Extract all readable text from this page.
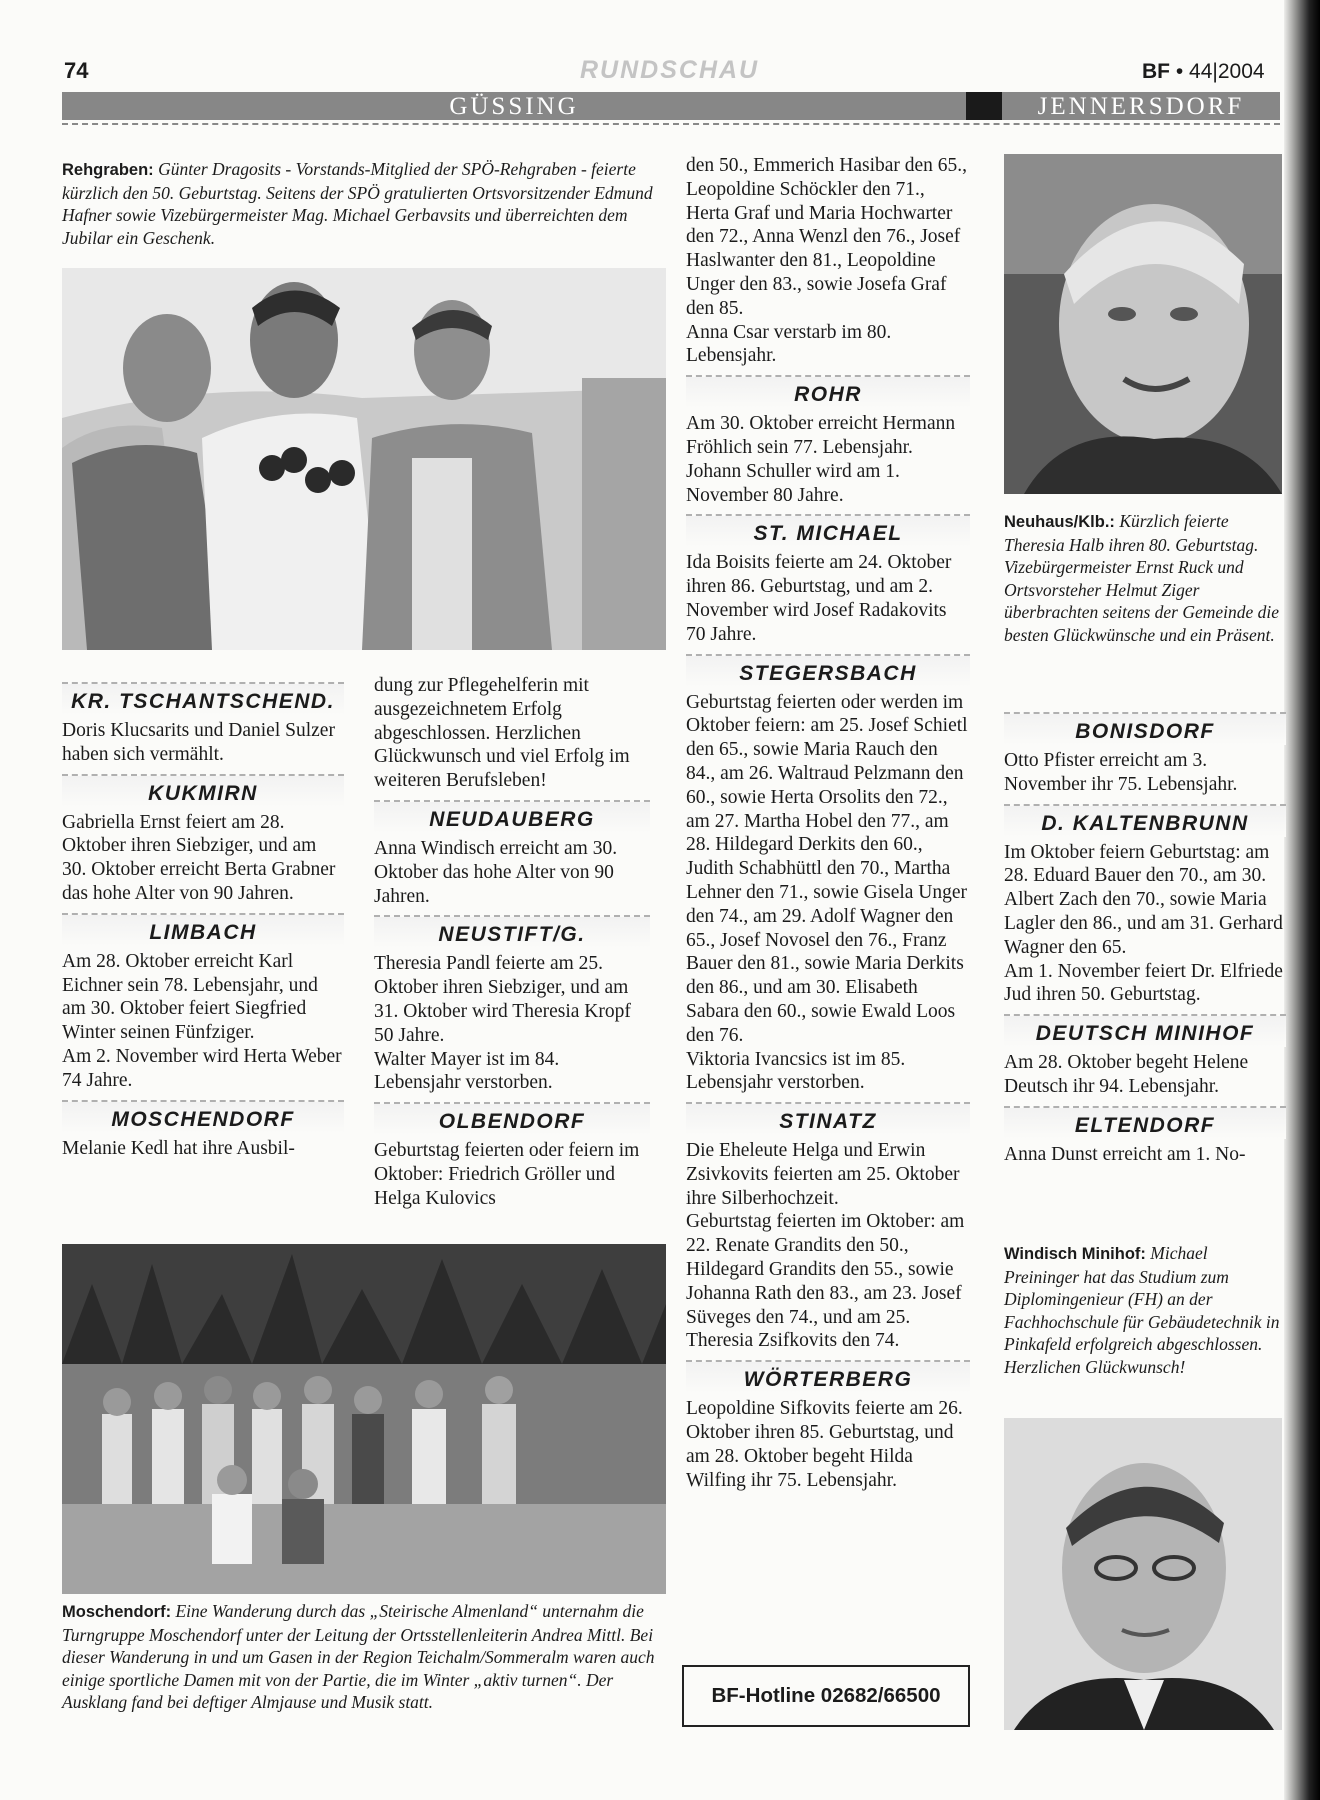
74	RUNDSCHAU	BF • 44|2004
GÜSSING	JENNERSDORF

Rehgraben: Günter Dragosits - Vorstands-Mitglied der SPÖ-Rehgraben - feierte kürzlich den 50. Geburtstag. Seitens der SPÖ gratulierten Ortsvorsitzender Edmund Hafner sowie Vizebürgermeister Mag. Michael Gerbavsits und überreichten dem Jubilar ein Geschenk.

Moschendorf: Eine Wanderung durch das „Steirische Almenland“ unternahm die Turngruppe Moschendorf unter der Leitung der Ortsstellenleiterin Andrea Mittl. Bei dieser Wanderung in und um Gasen in der Region Teichalm/Sommeralm waren auch einige sportliche Damen mit von der Partie, die im Winter „aktiv turnen“. Der Ausklang fand bei deftiger Almjause und Musik statt.

KR. TSCHANTSCHEND.

Doris Klucsarits und Daniel Sulzer haben sich vermählt.

KUKMIRN

Gabriella Ernst feiert am 28. Oktober ihren Siebziger, und am 30. Oktober erreicht Berta Grabner das hohe Alter von 90 Jahren.

LIMBACH

Am 28. Oktober erreicht Karl Eichner sein 78. Lebensjahr, und am 30. Oktober feiert Siegfried Winter seinen Fünfziger.

Am 2. November wird Herta Weber 74 Jahre.

MOSCHENDORF

Melanie Kedl hat ihre Ausbil-

dung zur Pflegehelferin mit ausgezeichnetem Erfolg abgeschlossen. Herzlichen Glückwunsch und viel Erfolg im weiteren Berufsleben!

NEUDAUBERG

Anna Windisch erreicht am 30. Oktober das hohe Alter von 90 Jahren.

NEUSTIFT/G.

Theresia Pandl feierte am 25. Oktober ihren Siebziger, und am 31. Oktober wird Theresia Kropf 50 Jahre.

Walter Mayer ist im 84. Lebensjahr verstorben.

OLBENDORF

Geburtstag feierten oder feiern im Oktober: Friedrich Gröller und Helga Kulovics

den 50., Emmerich Hasibar den 65., Leopoldine Schöckler den 71., Herta Graf und Maria Hochwarter den 72., Anna Wenzl den 76., Josef Haslwanter den 81., Leopoldine Unger den 83., sowie Josefa Graf den 85.

Anna Csar verstarb im 80. Lebensjahr.

ROHR

Am 30. Oktober erreicht Hermann Fröhlich sein 77. Lebensjahr.

Johann Schuller wird am 1. November 80 Jahre.

ST. MICHAEL

Ida Boisits feierte am 24. Oktober ihren 86. Geburtstag, und am 2. November wird Josef Radakovits 70 Jahre.

STEGERSBACH

Geburtstag feierten oder werden im Oktober feiern: am 25. Josef Schietl den 65., sowie Maria Rauch den 84., am 26. Waltraud Pelzmann den 60., sowie Herta Orsolits den 72., am 27. Martha Hobel den 77., am 28. Hildegard Derkits den 60., Judith Schabhüttl den 70., Martha Lehner den 71., sowie Gisela Unger den 74., am 29. Adolf Wagner den 65., Josef Novosel den 76., Franz Bauer den 81., sowie Maria Derkits den 86., und am 30. Elisabeth Sabara den 60., sowie Ewald Loos den 76.

Viktoria Ivancsics ist im 85. Lebensjahr verstorben.

STINATZ

Die Eheleute Helga und Erwin Zsivkovits feierten am 25. Oktober ihre Silberhochzeit.

Geburtstag feierten im Oktober: am 22. Renate Grandits den 50., Hildegard Grandits den 55., sowie Johanna Rath den 83., am 23. Josef Süveges den 74., und am 25. Theresia Zsifkovits den 74.

WÖRTERBERG

Leopoldine Sifkovits feierte am 26. Oktober ihren 85. Geburtstag, und am 28. Oktober begeht Hilda Wilfing ihr 75. Lebensjahr.

BF-Hotline 02682/66500

Neuhaus/Klb.: Kürzlich feierte Theresia Halb ihren 80. Geburtstag. Vizebürgermeister Ernst Ruck und Ortsvorsteher Helmut Ziger überbrachten seitens der Gemeinde die besten Glückwünsche und ein Präsent.

BONISDORF

Otto Pfister erreicht am 3. November ihr 75. Lebensjahr.

D. KALTENBRUNN

Im Oktober feiern Geburtstag: am 28. Eduard Bauer den 70., am 30. Albert Zach den 70., sowie Maria Lagler den 86., und am 31. Gerhard Wagner den 65.

Am 1. November feiert Dr. Elfriede Jud ihren 50. Geburtstag.

DEUTSCH MINIHOF

Am 28. Oktober begeht Helene Deutsch ihr 94. Lebensjahr.

ELTENDORF

Anna Dunst erreicht am 1. No-

Windisch Minihof: Michael Preininger hat das Studium zum Diplomingenieur (FH) an der Fachhochschule für Gebäudetechnik in Pinkafeld erfolgreich abgeschlossen. Herzlichen Glückwunsch!
